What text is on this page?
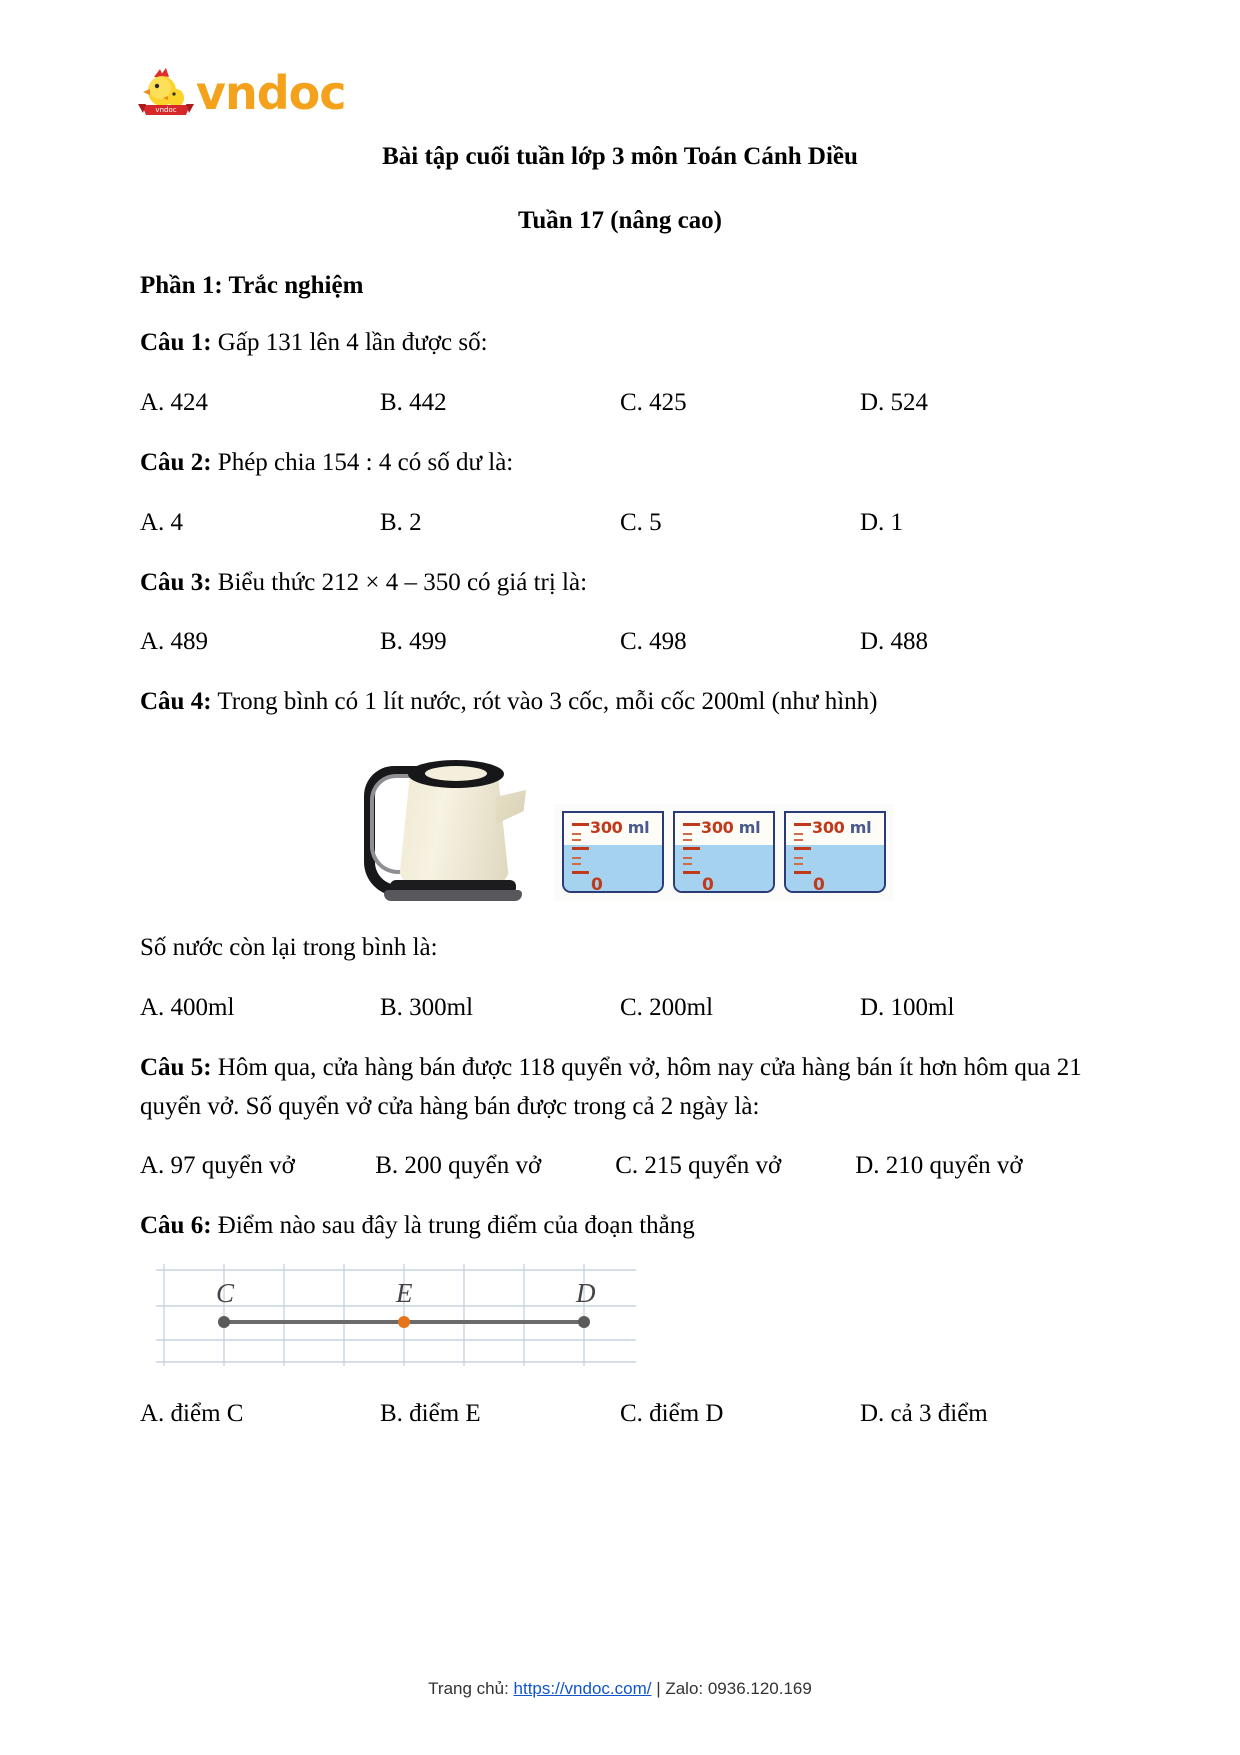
vndoc vndoc
Bài tập cuối tuần lớp 3 môn Toán Cánh Diều
Tuần 17 (nâng cao)
Phần 1: Trắc nghiệm

Câu 1: Gấp 131 lên 4 lần được số:

A. 424	B. 442	C. 425	D. 524

Câu 2: Phép chia 154 : 4 có số dư là:

A. 4	B. 2	C. 5	D. 1

Câu 3: Biểu thức 212 × 4 – 350 có giá trị là:

A. 489	B. 499	C. 498	D. 488

Câu 4: Trong bình có 1 lít nước, rót vào 3 cốc, mỗi cốc 200ml (như hình)

300 ml
0
300 ml
0
300 ml
0

Số nước còn lại trong bình là:

A. 400ml	B. 300ml	C. 200ml	D. 100ml

Câu 5: Hôm qua, cửa hàng bán được 118 quyển vở, hôm nay cửa hàng bán ít hơn hôm qua 21 quyển vở. Số quyển vở cửa hàng bán được trong cả 2 ngày là:

A. 97 quyển vở	B. 200 quyển vở	C. 215 quyển vở	D. 210 quyển vở

Câu 6: Điểm nào sau đây là trung điểm của đoạn thẳng

C	E	D
A. điểm C	B. điểm E	C. điểm D	D. cả 3 điểm
Trang chủ: https://vndoc.com/ | Zalo: 0936.120.169
